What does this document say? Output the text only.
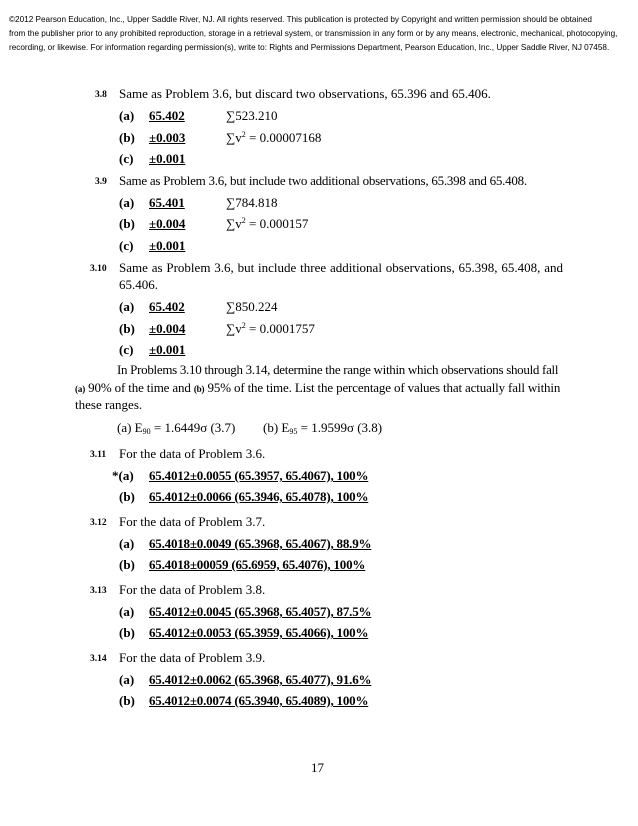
©2012 Pearson Education, Inc., Upper Saddle River, NJ. All rights reserved. This publication is protected by Copyright and written permission should be obtained
from the publisher prior to any prohibited reproduction, storage in a retrieval system, or transmission in any form or by any means, electronic, mechanical, photocopying,
recording, or likewise. For information regarding permission(s), write to: Rights and Permissions Department, Pearson Education, Inc., Upper Saddle River, NJ 07458.
3.8 Same as Problem 3.6, but discard two observations, 65.396 and 65.406.
(a) 65.402	∑523.210
(b) ±0.003	$\sum v^2 = 0.00007168$
(c) ±0.001
3.9 Same as Problem 3.6, but include two additional observations, 65.398 and 65.408.
(a) 65.401	∑784.818
(b) ±0.004	$\sum v^2 = 0.000157$
(c) ±0.001
3.10 Same as Problem 3.6, but include three additional observations, 65.398, 65.408, and
65.406.
(a) 65.402	∑850.224
(b) ±0.004	$\sum v^2 = 0.0001757$
(c) ±0.001
In Problems 3.10 through 3.14, determine the range within which observations should fall
(a) 90% of the time and (b) 95% of the time. List the percentage of values that actually fall within
these ranges.
(a) $E_{90} = 1.6449\sigma$ (3.7) (b) $E_{95} = 1.9599\sigma$ (3.8)
3.11 For the data of Problem 3.6.
*(a) 65.4012±0.0055 (65.3957, 65.4067), 100%
(b) 65.4012±0.0066 (65.3946, 65.4078), 100%
3.12 For the data of Problem 3.7.
(a) 65.4018±0.0049 (65.3968, 65.4067), 88.9%
(b) 65.4018±00059 (65.6959, 65.4076), 100%
3.13 For the data of Problem 3.8.
(a) 65.4012±0.0045 (65.3968, 65.4057), 87.5%
(b) 65.4012±0.0053 (65.3959, 65.4066), 100%
3.14 For the data of Problem 3.9.
(a) 65.4012±0.0062 (65.3968, 65.4077), 91.6%
(b) 65.4012±0.0074 (65.3940, 65.4089), 100%
17
